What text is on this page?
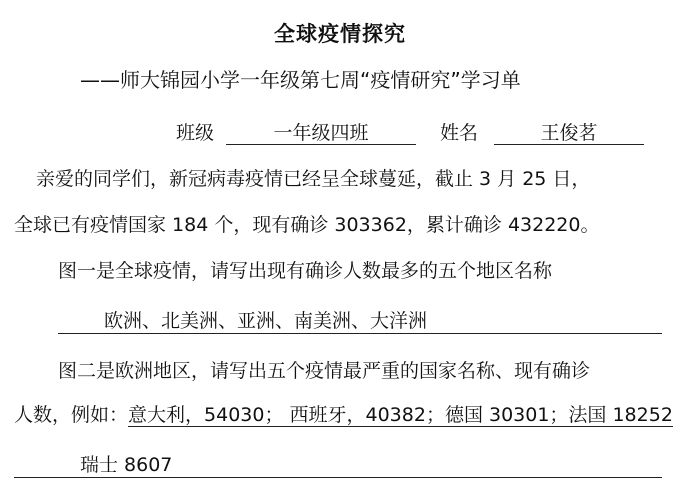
全球疫情探究
——师大锦园小学一年级第七周“疫情研究”学习单
班级	一年级四班	王俊茗
姓名
亲爱的同学们，新冠病毒疫情已经呈全球蔓延，截止 3 月 25 日，
全球已有疫情国家 184 个，现有确诊 303362，累计确诊 432220。
图一是全球疫情，请写出现有确诊人数最多的五个地区名称
欧洲、北美洲、亚洲、南美洲、大洋洲
图二是欧洲地区，请写出五个疫情最严重的国家名称、现有确诊
人数，例如：意大利，54030； 西班牙，40382；德国 30301；法国 18252
瑞士 8607
